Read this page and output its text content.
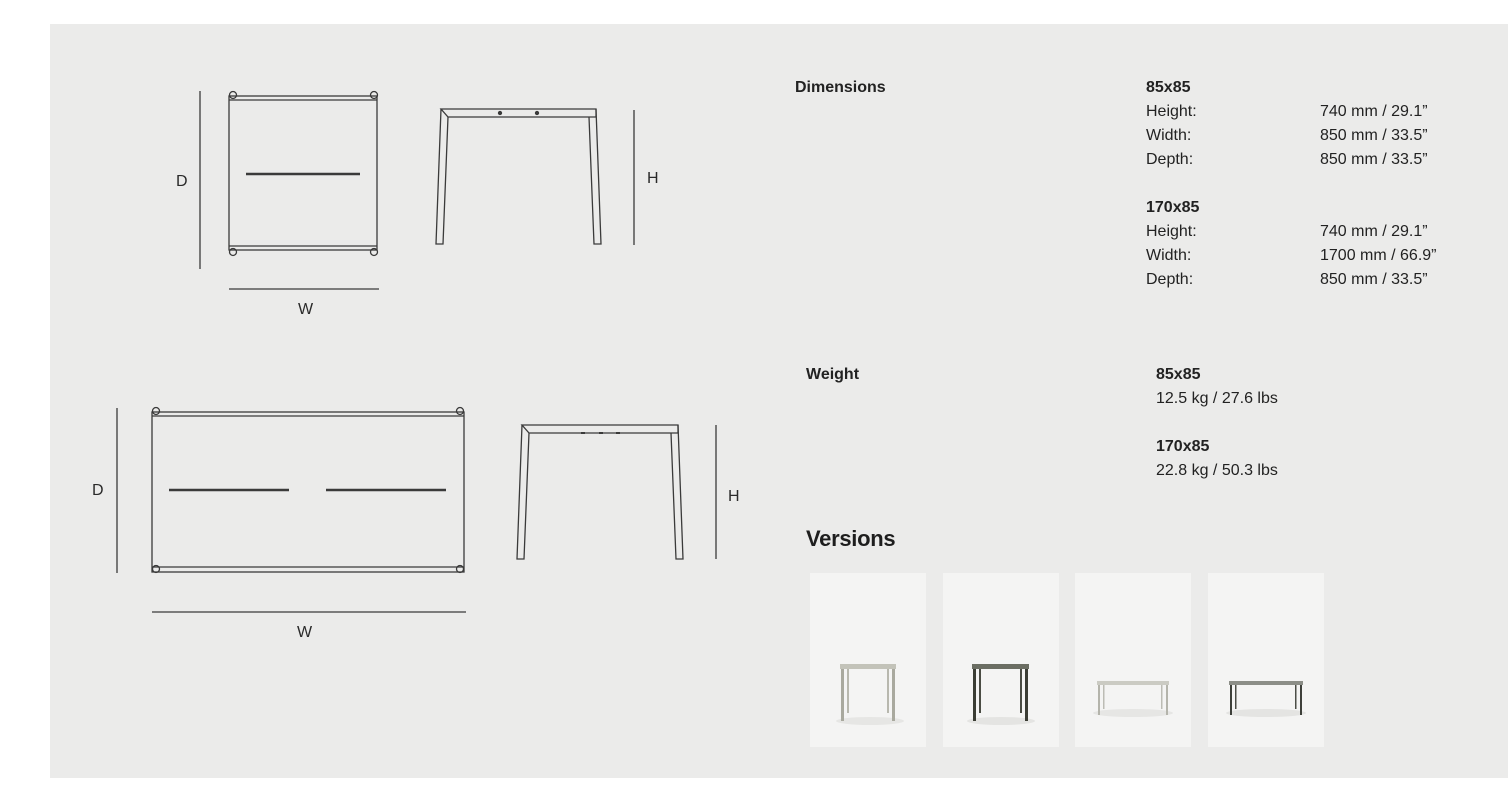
D
W
H
D
W
H
Dimensions	85x85
Height:	740 mm / 29.1”
Width:	850 mm / 33.5”
Depth:	850 mm / 33.5”
170x85
Height:	740 mm / 29.1”
Width:	1700 mm / 66.9”
Depth:	850 mm / 33.5”
Weight	85x85
12.5 kg / 27.6 lbs
170x85
22.8 kg / 50.3 lbs
Versions
